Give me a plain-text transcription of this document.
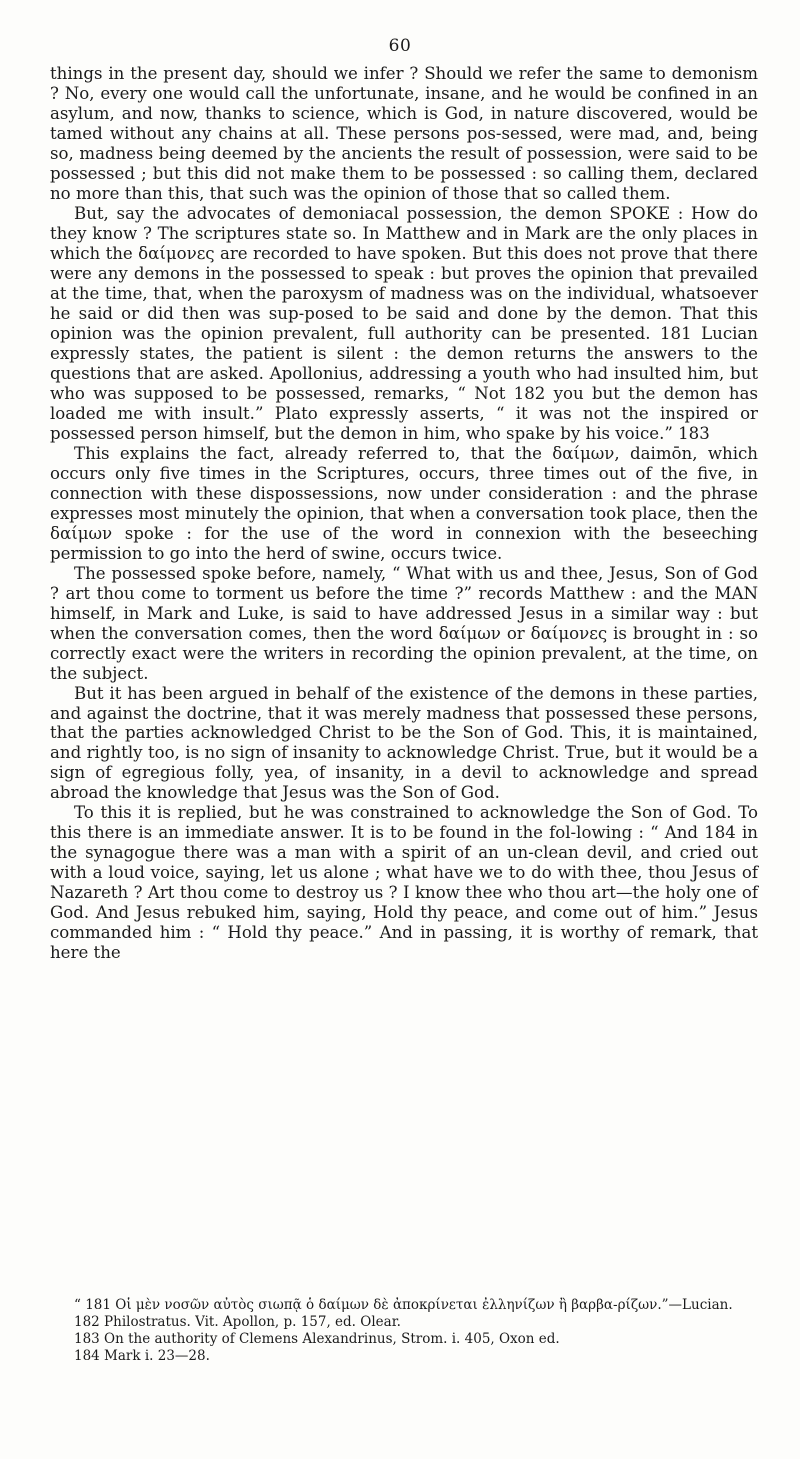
60

things in the present day, should we infer ? Should we refer the same to demonism ? No, every one would call the unfortunate, insane, and he would be confined in an asylum, and now, thanks to science, which is God, in nature discovered, would be tamed without any chains at all. These persons pos-sessed, were mad, and, being so, madness being deemed by the ancients the result of possession, were said to be possessed ; but this did not make them to be possessed : so calling them, declared no more than this, that such was the opinion of those that so called them.

But, say the advocates of demoniacal possession, the demon SPOKE : How do they know ? The scriptures state so. In Matthew and in Mark are the only places in which the δαίμονες are recorded to have spoken. But this does not prove that there were any demons in the possessed to speak : but proves the opinion that prevailed at the time, that, when the paroxysm of madness was on the individual, whatsoever he said or did then was sup-posed to be said and done by the demon. That this opinion was the opinion prevalent, full authority can be presented. 181 Lucian expressly states, the patient is silent : the demon returns the answers to the questions that are asked. Apollonius, addressing a youth who had insulted him, but who was supposed to be possessed, remarks, “ Not 182 you but the demon has loaded me with insult.” Plato expressly asserts, “ it was not the inspired or possessed person himself, but the demon in him, who spake by his voice.” 183

This explains the fact, already referred to, that the δαίμων, daimōn, which occurs only five times in the Scriptures, occurs, three times out of the five, in connection with these dispossessions, now under consideration : and the phrase expresses most minutely the opinion, that when a conversation took place, then the δαίμων spoke : for the use of the word in connexion with the beseeching permission to go into the herd of swine, occurs twice.

The possessed spoke before, namely, “ What with us and thee, Jesus, Son of God ? art thou come to torment us before the time ?” records Matthew : and the MAN himself, in Mark and Luke, is said to have addressed Jesus in a similar way : but when the conversation comes, then the word δαίμων or δαίμονες is brought in : so correctly exact were the writers in recording the opinion prevalent, at the time, on the subject.

But it has been argued in behalf of the existence of the demons in these parties, and against the doctrine, that it was merely madness that possessed these persons, that the parties acknowledged Christ to be the Son of God. This, it is maintained, and rightly too, is no sign of insanity to acknowledge Christ. True, but it would be a sign of egregious folly, yea, of insanity, in a devil to acknowledge and spread abroad the knowledge that Jesus was the Son of God.

To this it is replied, but he was constrained to acknowledge the Son of God. To this there is an immediate answer. It is to be found in the fol-lowing : “ And 184 in the synagogue there was a man with a spirit of an un-clean devil, and cried out with a loud voice, saying, let us alone ; what have we to do with thee, thou Jesus of Nazareth ? Art thou come to destroy us ? I know thee who thou art—the holy one of God. And Jesus rebuked him, saying, Hold thy peace, and come out of him.” Jesus commanded him : “ Hold thy peace.” And in passing, it is worthy of remark, that here the

“ 181 Oἱ μὲν νοσῶν αὐτὸς σιωπᾷ ὁ δαίμων δὲ ἀποκρίνεται ἐλληνίζων ἢ βαρβα-ρίζων.”—Lucian.

182 Philostratus. Vit. Apollon, p. 157, ed. Olear.

183 On the authority of Clemens Alexandrinus, Strom. i. 405, Oxon ed.

184 Mark i. 23—28.
